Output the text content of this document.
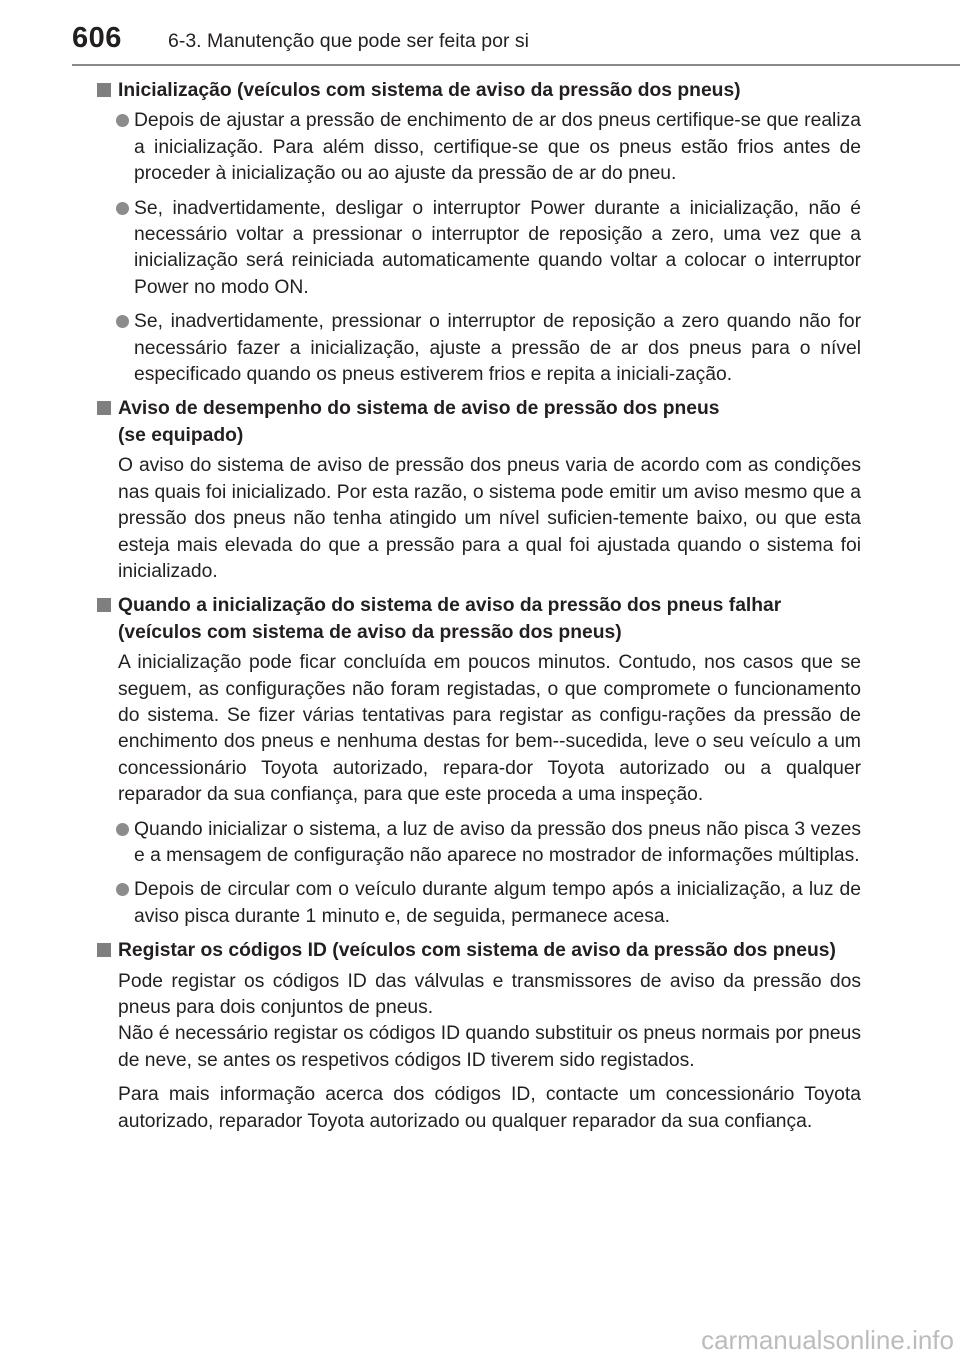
606 6-3. Manutenção que pode ser feita por si
Inicialização (veículos com sistema de aviso da pressão dos pneus)
Depois de ajustar a pressão de enchimento de ar dos pneus certifique-se que realiza a inicialização. Para além disso, certifique-se que os pneus estão frios antes de proceder à inicialização ou ao ajuste da pressão de ar do pneu.
Se, inadvertidamente, desligar o interruptor Power durante a inicialização, não é necessário voltar a pressionar o interruptor de reposição a zero, uma vez que a inicialização será reiniciada automaticamente quando voltar a colocar o interruptor Power no modo ON.
Se, inadvertidamente, pressionar o interruptor de reposição a zero quando não for necessário fazer a inicialização, ajuste a pressão de ar dos pneus para o nível especificado quando os pneus estiverem frios e repita a iniciali-zação.
Aviso de desempenho do sistema de aviso de pressão dos pneus
(se equipado)
O aviso do sistema de aviso de pressão dos pneus varia de acordo com as condições nas quais foi inicializado. Por esta razão, o sistema pode emitir um aviso mesmo que a pressão dos pneus não tenha atingido um nível suficien-temente baixo, ou que esta esteja mais elevada do que a pressão para a qual foi ajustada quando o sistema foi inicializado.
Quando a inicialização do sistema de aviso da pressão dos pneus falhar (veículos com sistema de aviso da pressão dos pneus)
A inicialização pode ficar concluída em poucos minutos. Contudo, nos casos que se seguem, as configurações não foram registadas, o que compromete o funcionamento do sistema. Se fizer várias tentativas para registar as configu-rações da pressão de enchimento dos pneus e nenhuma destas for bem--sucedida, leve o seu veículo a um concessionário Toyota autorizado, repara-dor Toyota autorizado ou a qualquer reparador da sua confiança, para que este proceda a uma inspeção.
Quando inicializar o sistema, a luz de aviso da pressão dos pneus não pisca 3 vezes e a mensagem de configuração não aparece no mostrador de informações múltiplas.
Depois de circular com o veículo durante algum tempo após a inicialização, a luz de aviso pisca durante 1 minuto e, de seguida, permanece acesa.
Registar os códigos ID (veículos com sistema de aviso da pressão dos pneus)
Pode registar os códigos ID das válvulas e transmissores de aviso da pressão dos pneus para dois conjuntos de pneus.
Não é necessário registar os códigos ID quando substituir os pneus normais por pneus de neve, se antes os respetivos códigos ID tiverem sido registados.
Para mais informação acerca dos códigos ID, contacte um concessionário Toyota autorizado, reparador Toyota autorizado ou qualquer reparador da sua confiança.
carmanualsonline.info
